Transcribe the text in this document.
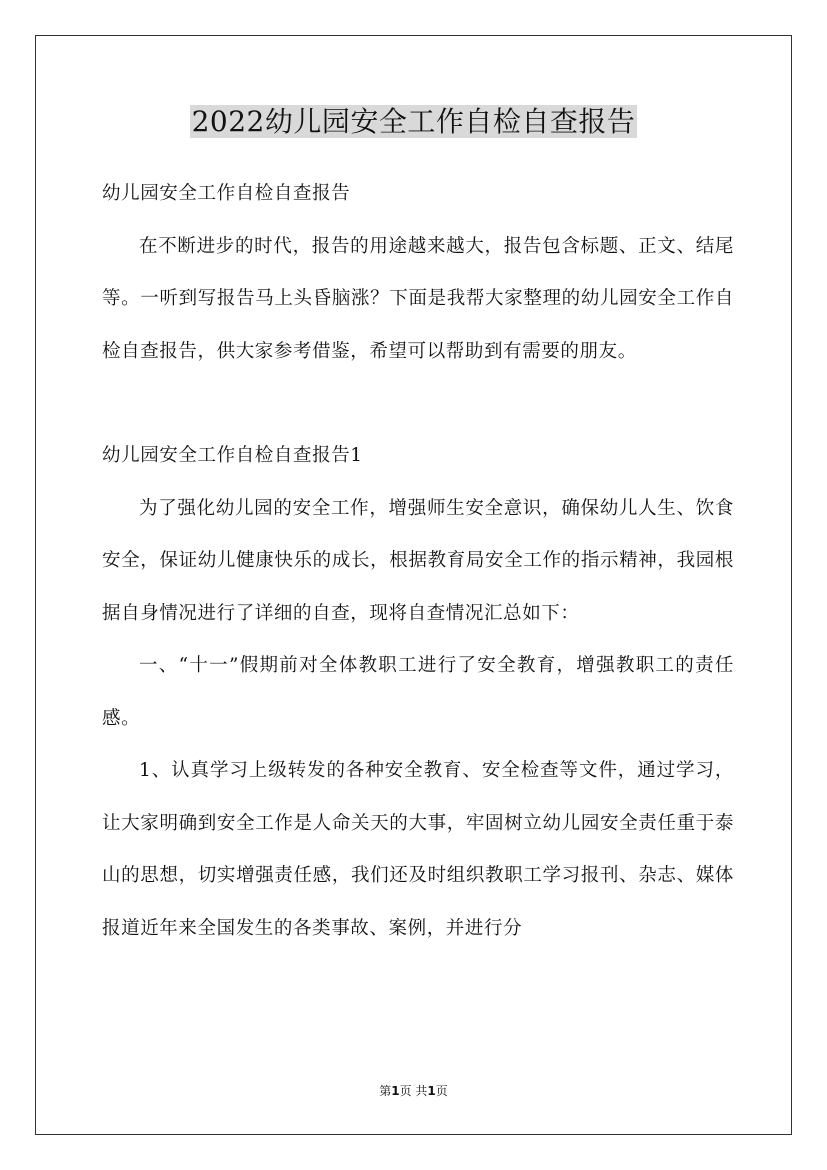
2022幼儿园安全工作自检自查报告

幼儿园安全工作自检自查报告

在不断进步的时代，报告的用途越来越大，报告包含标题、正文、结尾等。一听到写报告马上头昏脑涨？下面是我帮大家整理的幼儿园安全工作自检自查报告，供大家参考借鉴，希望可以帮助到有需要的朋友。

幼儿园安全工作自检自查报告1

为了强化幼儿园的安全工作，增强师生安全意识，确保幼儿人生、饮食安全，保证幼儿健康快乐的成长，根据教育局安全工作的指示精神，我园根据自身情况进行了详细的自查，现将自查情况汇总如下：

一、“十一”假期前对全体教职工进行了安全教育，增强教职工的责任感。

1、认真学习上级转发的各种安全教育、安全检查等文件，通过学习，让大家明确到安全工作是人命关天的大事，牢固树立幼儿园安全责任重于泰山的思想，切实增强责任感，我们还及时组织教职工学习报刊、杂志、媒体报道近年来全国发生的各类事故、案例，并进行分

第1页 共1页
